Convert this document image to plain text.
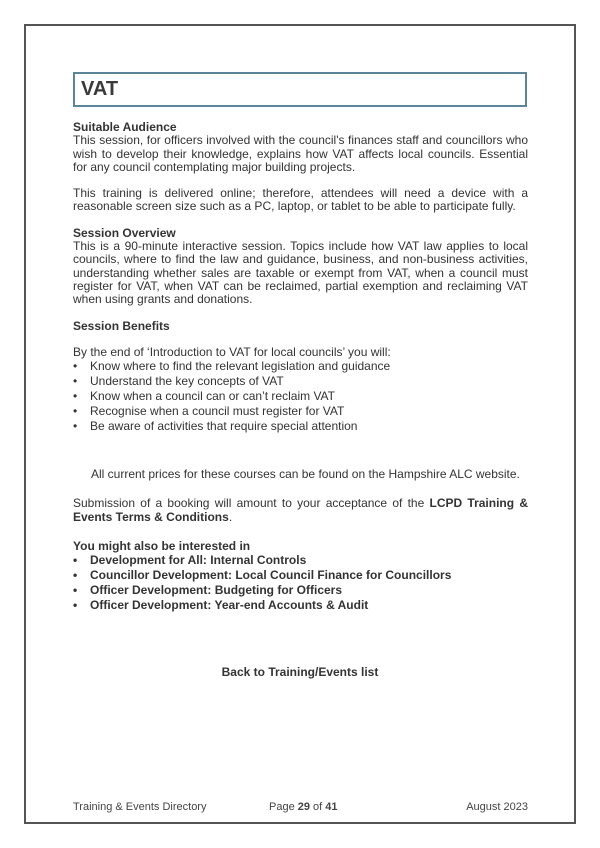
VAT
Suitable Audience

This session, for officers involved with the council's finances staff and councillors who wish to develop their knowledge, explains how VAT affects local councils. Essential for any council contemplating major building projects.

This training is delivered online; therefore, attendees will need a device with a reasonable screen size such as a PC, laptop, or tablet to be able to participate fully.

Session Overview

This is a 90-minute interactive session. Topics include how VAT law applies to local councils, where to find the law and guidance, business, and non-business activities, understanding whether sales are taxable or exempt from VAT, when a council must register for VAT, when VAT can be reclaimed, partial exemption and reclaiming VAT when using grants and donations.

Session Benefits

By the end of ‘Introduction to VAT for local councils’ you will:

• Know where to find the relevant legislation and guidance
• Understand the key concepts of VAT
• Know when a council can or can’t reclaim VAT
• Recognise when a council must register for VAT
• Be aware of activities that require special attention

All current prices for these courses can be found on the Hampshire ALC website.

Submission of a booking will amount to your acceptance of the LCPD Training & Events Terms & Conditions.

You might also be interested in
• Development for All: Internal Controls
• Councillor Development: Local Council Finance for Councillors
• Officer Development: Budgeting for Officers
• Officer Development: Year-end Accounts & Audit
Back to Training/Events list
Training & Events Directory	Page 29 of 41	August 2023
